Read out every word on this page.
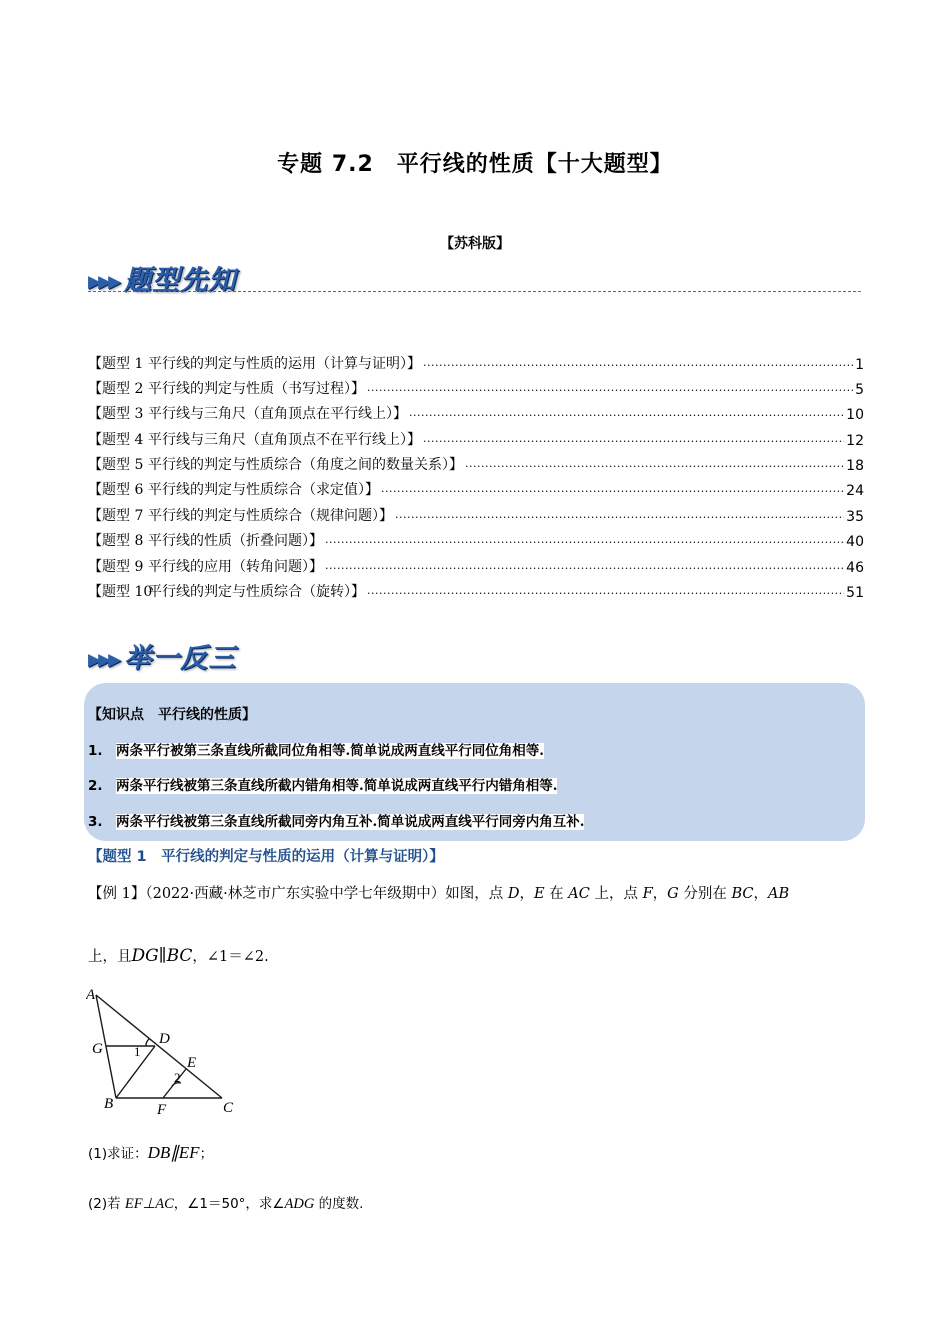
专题 7.2　平行线的性质【十大题型】
【苏科版】
▶▶▶ 题型先知
【题型 1 平行线的判定与性质的运用（计算与证明）】 .....	1
【题型 2 平行线的判定与性质（书写过程）】 .....	5
【题型 3 平行线与三角尺（直角顶点在平行线上）】 .....	10
【题型 4 平行线与三角尺（直角顶点不在平行线上）】 .....	12
【题型 5 平行线的判定与性质综合（角度之间的数量关系）】 .....	18
【题型 6 平行线的判定与性质综合（求定值）】 .....	24
【题型 7 平行线的判定与性质综合（规律问题）】 .....	35
【题型 8 平行线的性质（折叠问题）】 .....	40
【题型 9 平行线的应用（转角问题）】 .....	46
【题型 10平行线的判定与性质综合（旋转）】 .....	51
▶▶▶ 举一反三
【知识点　平行线的性质】
1. 两条平行被第三条直线所截同位角相等.简单说成两直线平行同位角相等.
2. 两条平行线被第三条直线所截内错角相等.简单说成两直线平行内错角相等.
3. 两条平行线被第三条直线所截同旁内角互补.简单说成两直线平行同旁内角互补.
【题型 1　平行线的判定与性质的运用（计算与证明）】
【例 1】（2022·西藏·林芝市广东实验中学七年级期中）如图，点 D，E 在 AC 上，点 F，G 分别在 BC，AB
上，且DG∥BC，∠1＝∠2.
A
B	C
D
E
F
G 1
2
(1)求证：DB∥EF；
(2)若 EF⊥AC，∠1＝50°，求∠ADG 的度数.
